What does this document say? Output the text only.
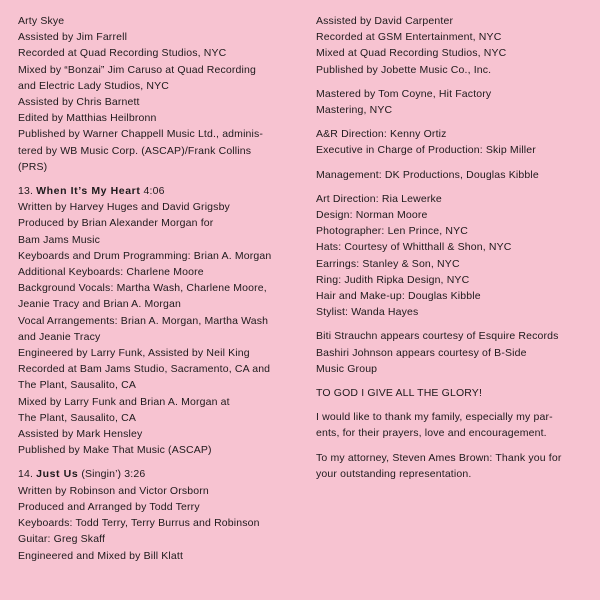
Arty Skye
Assisted by Jim Farrell
Recorded at Quad Recording Studios, NYC
Mixed by “Bonzai” Jim Caruso at Quad Recording
and Electric Lady Studios, NYC
Assisted by Chris Barnett
Edited by Matthias Heilbronn
Published by Warner Chappell Music Ltd., adminis-
tered by WB Music Corp. (ASCAP)/Frank Collins
(PRS)
13. When It’s My Heart 4:06
Written by Harvey Huges and David Grigsby
Produced by Brian Alexander Morgan for
Bam Jams Music
Keyboards and Drum Programming: Brian A. Morgan
Additional Keyboards: Charlene Moore
Background Vocals: Martha Wash, Charlene Moore,
Jeanie Tracy and Brian A. Morgan
Vocal Arrangements: Brian A. Morgan, Martha Wash
and Jeanie Tracy
Engineered by Larry Funk, Assisted by Neil King
Recorded at Bam Jams Studio, Sacramento, CA and
The Plant, Sausalito, CA
Mixed by Larry Funk and Brian A. Morgan at
The Plant, Sausalito, CA
Assisted by Mark Hensley
Published by Make That Music (ASCAP)
14. Just Us (Singin’) 3:26
Written by Robinson and Victor Orsborn
Produced and Arranged by Todd Terry
Keyboards: Todd Terry, Terry Burrus and Robinson
Guitar: Greg Skaff
Engineered and Mixed by Bill Klatt
Assisted by David Carpenter
Recorded at GSM Entertainment, NYC
Mixed at Quad Recording Studios, NYC
Published by Jobette Music Co., Inc.
Mastered by Tom Coyne, Hit Factory
Mastering, NYC
A&R Direction: Kenny Ortiz
Executive in Charge of Production: Skip Miller
Management: DK Productions, Douglas Kibble
Art Direction: Ria Lewerke
Design: Norman Moore
Photographer: Len Prince, NYC
Hats: Courtesy of Whitthall & Shon, NYC
Earrings: Stanley & Son, NYC
Ring: Judith Ripka Design, NYC
Hair and Make-up: Douglas Kibble
Stylist: Wanda Hayes
Biti Strauchn appears courtesy of Esquire Records
Bashiri Johnson appears courtesy of B-Side
Music Group
TO GOD I GIVE ALL THE GLORY!
I would like to thank my family, especially my par-
ents, for their prayers, love and encouragement.
To my attorney, Steven Ames Brown: Thank you for
your outstanding representation.
